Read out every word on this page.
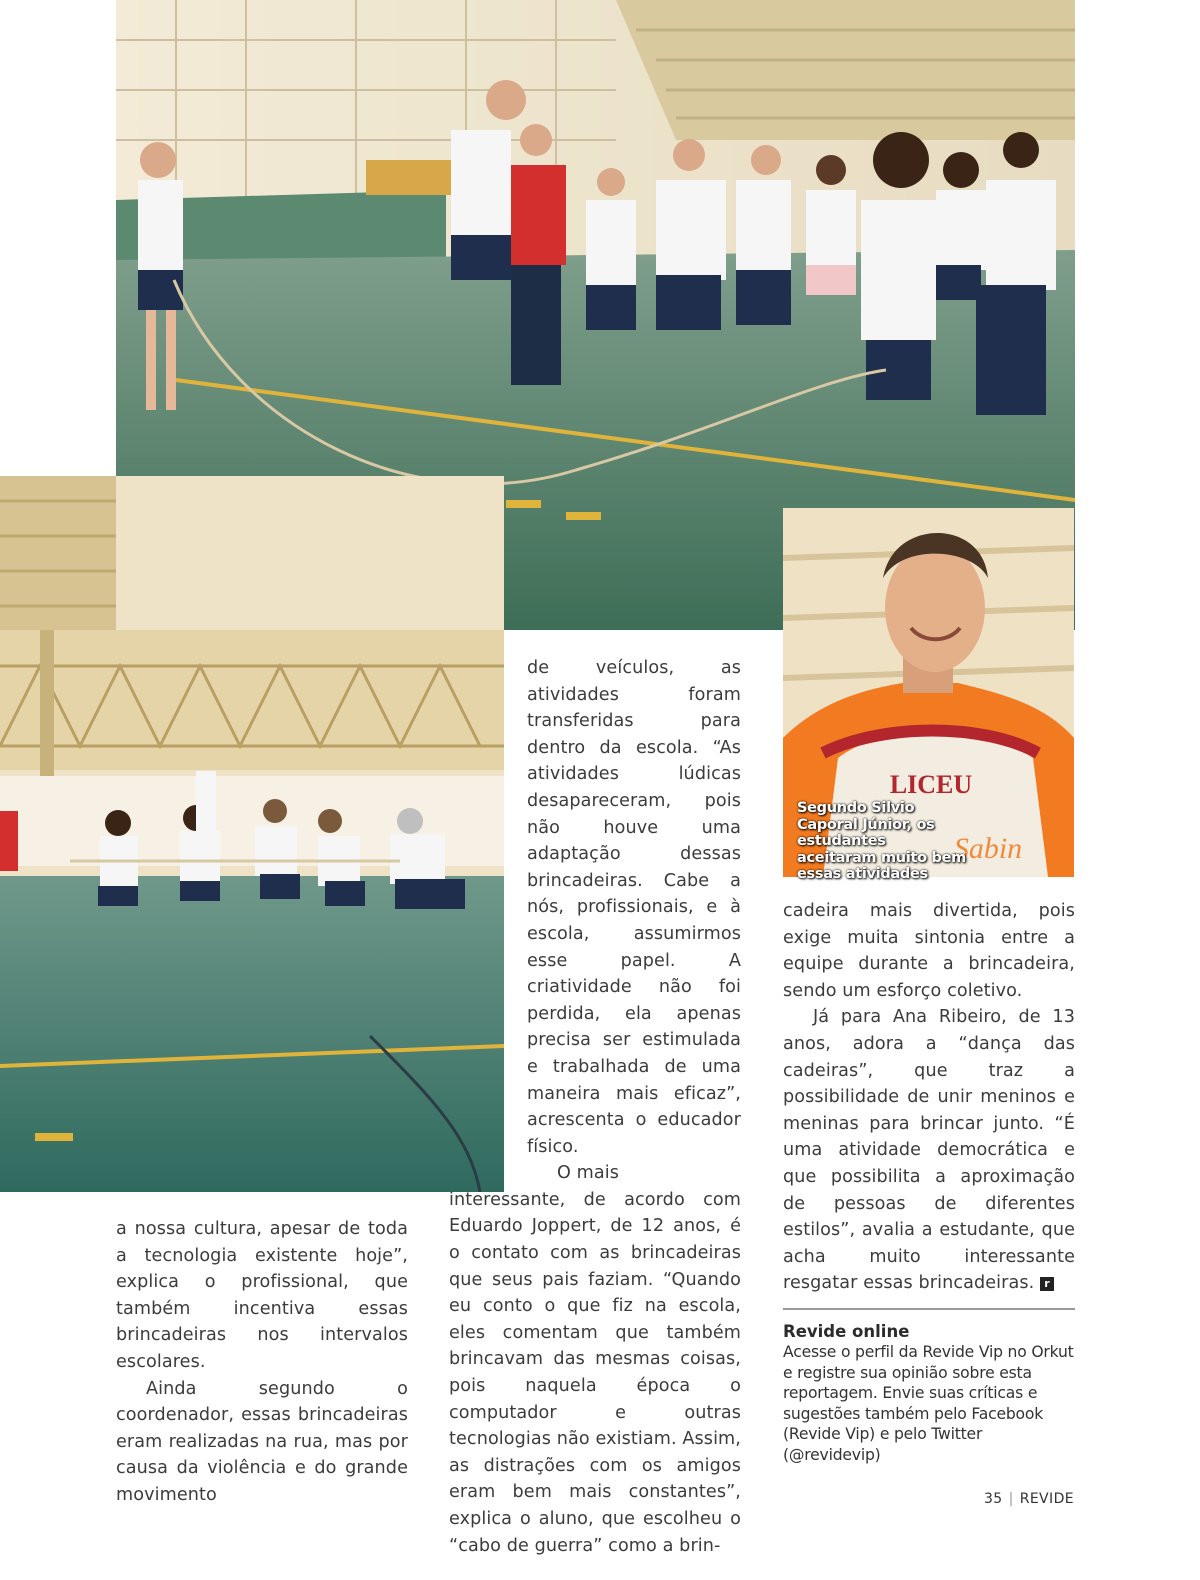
LICEU
Sabin
Segundo Silvio Caporal Júnior, os estudantes aceitaram muito bem essas atividades

a nossa cultura, apesar de toda a tecnologia existente hoje”, explica o profissional, que também incentiva essas brincadeiras nos intervalos escolares.

Ainda segundo o coordenador, essas brincadeiras eram realizadas na rua, mas por causa da violência e do grande movimento

de veículos, as atividades foram transferidas para dentro da escola. “As atividades lúdicas desapareceram, pois não houve uma adaptação dessas brincadeiras. Cabe a nós, profissionais, e à escola, assumirmos esse papel. A criatividade não foi perdida, ela apenas precisa ser estimulada e trabalhada de uma maneira mais eficaz”, acrescenta o educador físico.

O mais

interessante, de acordo com Eduardo Joppert, de 12 anos, é o contato com as brincadeiras que seus pais faziam. “Quando eu conto o que fiz na escola, eles comentam que também brincavam das mesmas coisas, pois naquela época o computador e outras tecnologias não existiam. Assim, as distrações com os amigos eram bem mais constantes”, explica o aluno, que escolheu o “cabo de guerra” como a brin-

cadeira mais divertida, pois exige muita sintonia entre a equipe durante a brincadeira, sendo um esforço coletivo.

Já para Ana Ribeiro, de 13 anos, adora a “dança das cadeiras”, que traz a possibilidade de unir meninos e meninas para brincar junto. “É uma atividade democrática e que possibilita a aproximação de pessoas de diferentes estilos”, avalia a estudante, que acha muito interessante resgatar essas brincadeiras. r

Revide online
Acesse o perfil da Revide Vip no Orkut e registre sua opinião sobre esta reportagem. Envie suas críticas e sugestões também pelo Facebook (Revide Vip) e pelo Twitter (@revidevip)
35 | REVIDE
